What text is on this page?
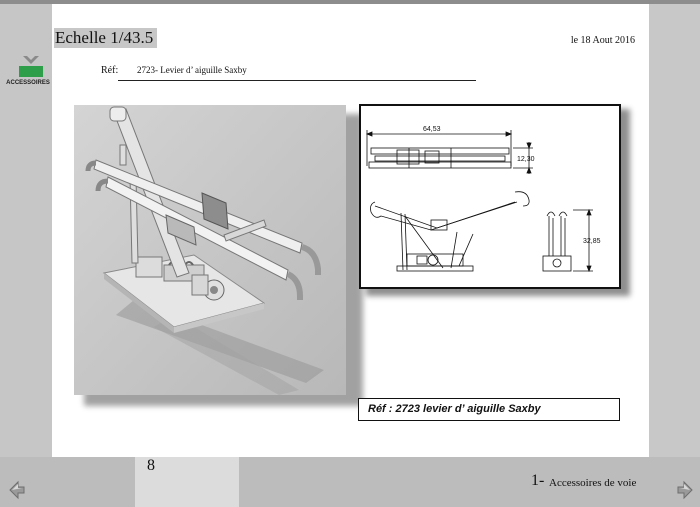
ACCESSOIRES
Echelle 1/43.5	le 18 Aout 2016
Réf: 2723- Levier d’ aiguille Saxby
64,53
12,30
32,85
Réf : 2723 levier d’ aiguille Saxby
8
1- Accessoires de voie
